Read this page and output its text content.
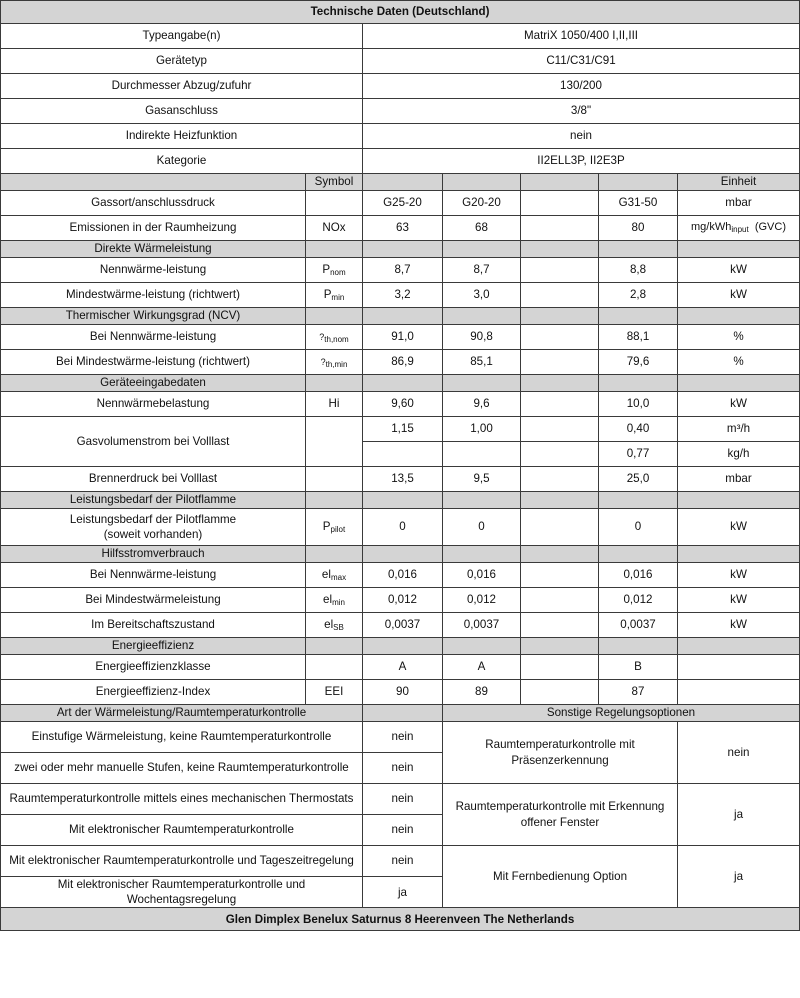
Technische Daten (Deutschland)						
Typeangabe(n)		MatriX 1050/400 I,II,III				
Gerätetyp		C11/C31/C91				
Durchmesser Abzug/zufuhr		130/200				
Gasanschluss		3/8"				
Indirekte Heizfunktion		nein				
Kategorie		II2ELL3P, II2E3P				
	Symbol					Einheit
Gassort/anschlussdruck		G25-20	G20-20		G31-50	mbar
Emissionen in der Raumheizung	NOx	63	68		80	mg/kWh$_{input}$  (GVC)
Direkte Wärmeleistung						
Nennwärme-leistung	$P_{nom}$	8,7	8,7		8,8	kW
Mindestwärme-leistung (richtwert)	$P_{min}$	3,2	3,0		2,8	kW
Thermischer Wirkungsgrad (NCV)						
Bei Nennwärme-leistung	$?_{th,nom}$	91,0	90,8		88,1	%
Bei Mindestwärme-leistung (richtwert)	$?_{th,min}$	86,9	85,1		79,6	%
Geräteeingabedaten						
Nennwärmebelastung	Hi	9,60	9,6		10,0	kW
Gasvolumenstrom bei Volllast		1,15	1,00		0,40	m³/h
					0,77	kg/h
Brennerdruck bei Volllast		13,5	9,5		25,0	mbar
Leistungsbedarf der Pilotflamme						
Leistungsbedarf der Pilotflamme
(soweit vorhanden)	$P_{pilot}$	0	0		0	kW
Hilfsstromverbrauch						
Bei Nennwärme-leistung	$el_{max}$	0,016	0,016		0,016	kW
Bei Mindestwärmeleistung	$el_{min}$	0,012	0,012		0,012	kW
Im Bereitschaftszustand	$el_{SB}$	0,0037	0,0037		0,0037	kW
Energieeffizienz						
Energieeffizienzklasse		A	A		B	
Energieeffizienz-Index	EEI	90	89		87	
Art der Wärmeleistung/Raumtemperaturkontrolle			Sonstige Regelungsoptionen			
Einstufige Wärmeleistung, keine Raumtemperaturkontrolle		nein	Raumtemperaturkontrolle mit Präsenzerkennung			nein
zwei oder mehr manuelle Stufen, keine Raumtemperaturkontrolle		nein				
Raumtemperaturkontrolle mittels eines mechanischen Thermostats		nein	Raumtemperaturkontrolle mit Erkennung offener Fenster			ja
Mit elektronischer Raumtemperaturkontrolle		nein				
Mit elektronischer Raumtemperaturkontrolle und Tageszeitregelung		nein	Mit Fernbedienung Option			ja
Mit elektronischer Raumtemperaturkontrolle und Wochentagsregelung		ja				
Glen Dimplex Benelux Saturnus 8 Heerenveen The Netherlands						
